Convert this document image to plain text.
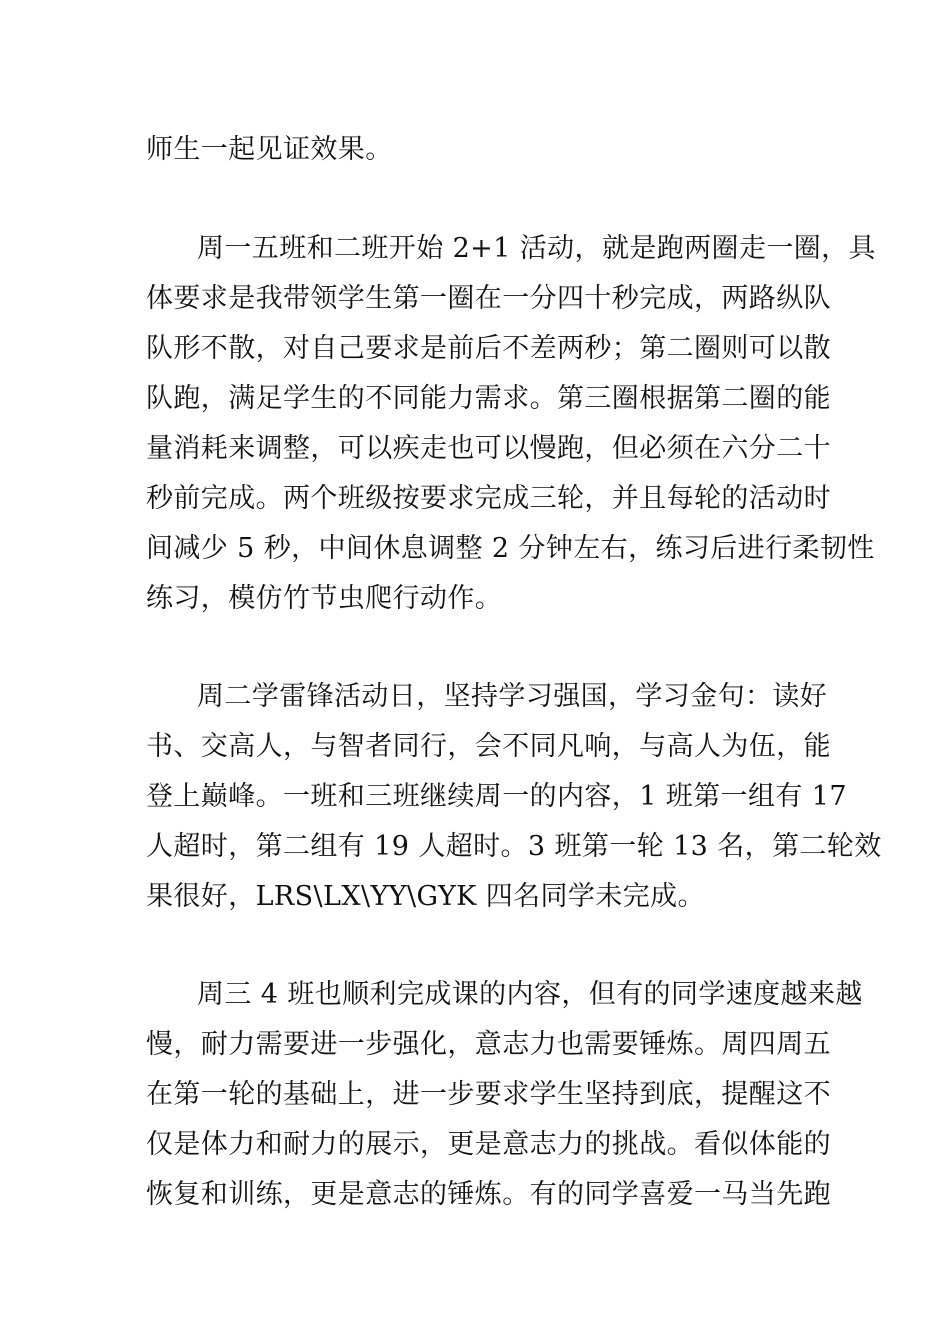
师生一起见证效果。

周一五班和二班开始 2+1 活动，就是跑两圈走一圈，具

体要求是我带领学生第一圈在一分四十秒完成，两路纵队

队形不散，对自己要求是前后不差两秒；第二圈则可以散

队跑，满足学生的不同能力需求。第三圈根据第二圈的能

量消耗来调整，可以疾走也可以慢跑，但必须在六分二十

秒前完成。两个班级按要求完成三轮，并且每轮的活动时

间减少 5 秒，中间休息调整 2 分钟左右，练习后进行柔韧性

练习，模仿竹节虫爬行动作。

周二学雷锋活动日，坚持学习强国，学习金句：读好

书、交高人，与智者同行，会不同凡响，与高人为伍，能

登上巅峰。一班和三班继续周一的内容，1 班第一组有 17

人超时，第二组有 19 人超时。3 班第一轮 13 名，第二轮效

果很好，LRS\LX\YY\GYK 四名同学未完成。

周三 4 班也顺利完成课的内容，但有的同学速度越来越

慢，耐力需要进一步强化，意志力也需要锤炼。周四周五

在第一轮的基础上，进一步要求学生坚持到底，提醒这不

仅是体力和耐力的展示，更是意志力的挑战。看似体能的

恢复和训练，更是意志的锤炼。有的同学喜爱一马当先跑
